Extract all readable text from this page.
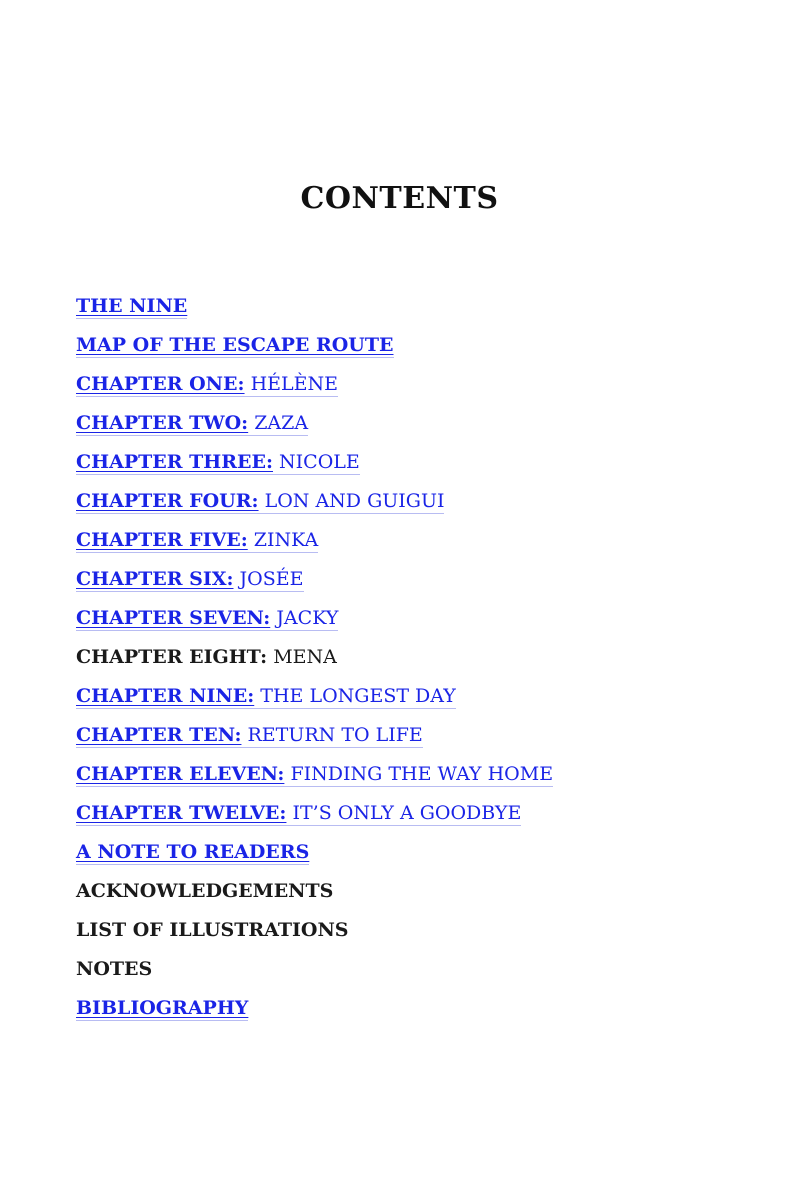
CONTENTS
THE NINE
MAP OF THE ESCAPE ROUTE
CHAPTER ONE: HÉLÈNE
CHAPTER TWO: ZAZA
CHAPTER THREE: NICOLE
CHAPTER FOUR: LON AND GUIGUI
CHAPTER FIVE: ZINKA
CHAPTER SIX: JOSÉE
CHAPTER SEVEN: JACKY
CHAPTER EIGHT: MENA
CHAPTER NINE: THE LONGEST DAY
CHAPTER TEN: RETURN TO LIFE
CHAPTER ELEVEN: FINDING THE WAY HOME
CHAPTER TWELVE: IT’S ONLY A GOODBYE
A NOTE TO READERS
ACKNOWLEDGEMENTS
LIST OF ILLUSTRATIONS
NOTES
BIBLIOGRAPHY
